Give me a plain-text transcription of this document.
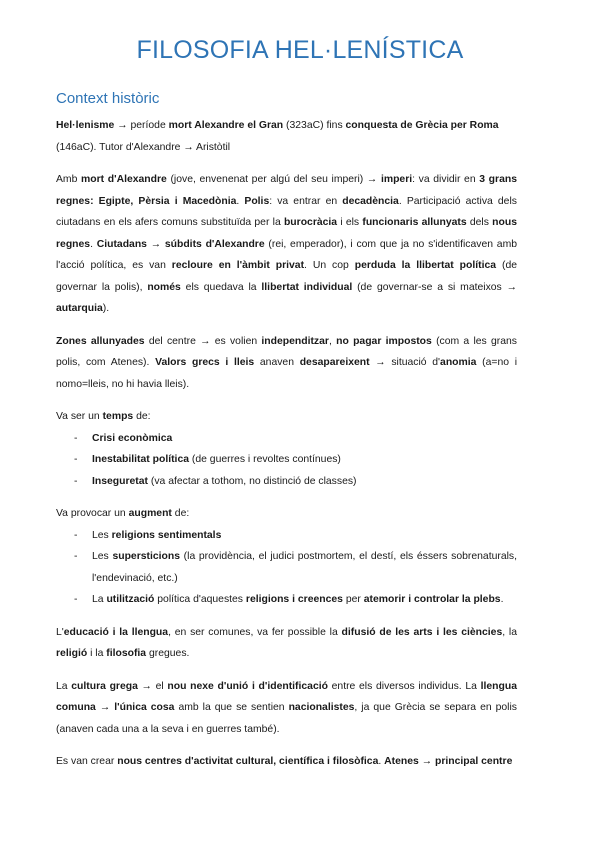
FILOSOFIA HEL·LENÍSTICA
Context històric

Hel·lenisme → període mort Alexandre el Gran (323aC) fins conquesta de Grècia per Roma (146aC). Tutor d'Alexandre → Aristòtil

Amb mort d'Alexandre (jove, envenenat per algú del seu imperi) → imperi: va dividir en 3 grans regnes: Egipte, Pèrsia i Macedònia. Polis: va entrar en decadència. Participació activa dels ciutadans en els afers comuns substituïda per la burocràcia i els funcionaris allunyats dels nous regnes. Ciutadans → súbdits d'Alexandre (rei, emperador), i com que ja no s'identificaven amb l'acció política, es van recloure en l'àmbit privat. Un cop perduda la llibertat política (de governar la polis), només els quedava la llibertat individual (de governar-se a si mateixos → autarquia).

Zones allunyades del centre → es volien independitzar, no pagar impostos (com a les grans polis, com Atenes). Valors grecs i lleis anaven desapareixent → situació d'anomia (a=no i nomo=lleis, no hi havia lleis).

Va ser un temps de:

- Crisi econòmica
- Inestabilitat política (de guerres i revoltes contínues)
- Inseguretat (va afectar a tothom, no distinció de classes)

Va provocar un augment de:

- Les religions sentimentals
- Les supersticions (la providència, el judici postmortem, el destí, els éssers sobrenaturals, l'endevinació, etc.)
- La utilització política d'aquestes religions i creences per atemorir i controlar la plebs.

L'educació i la llengua, en ser comunes, va fer possible la difusió de les arts i les ciències, la religió i la filosofia gregues.

La cultura grega → el nou nexe d'unió i d'identificació entre els diversos individus. La llengua comuna → l'única cosa amb la que se sentien nacionalistes, ja que Grècia se separa en polis (anaven cada una a la seva i en guerres també).

Es van crear nous centres d'activitat cultural, científica i filosòfica. Atenes → principal centre
